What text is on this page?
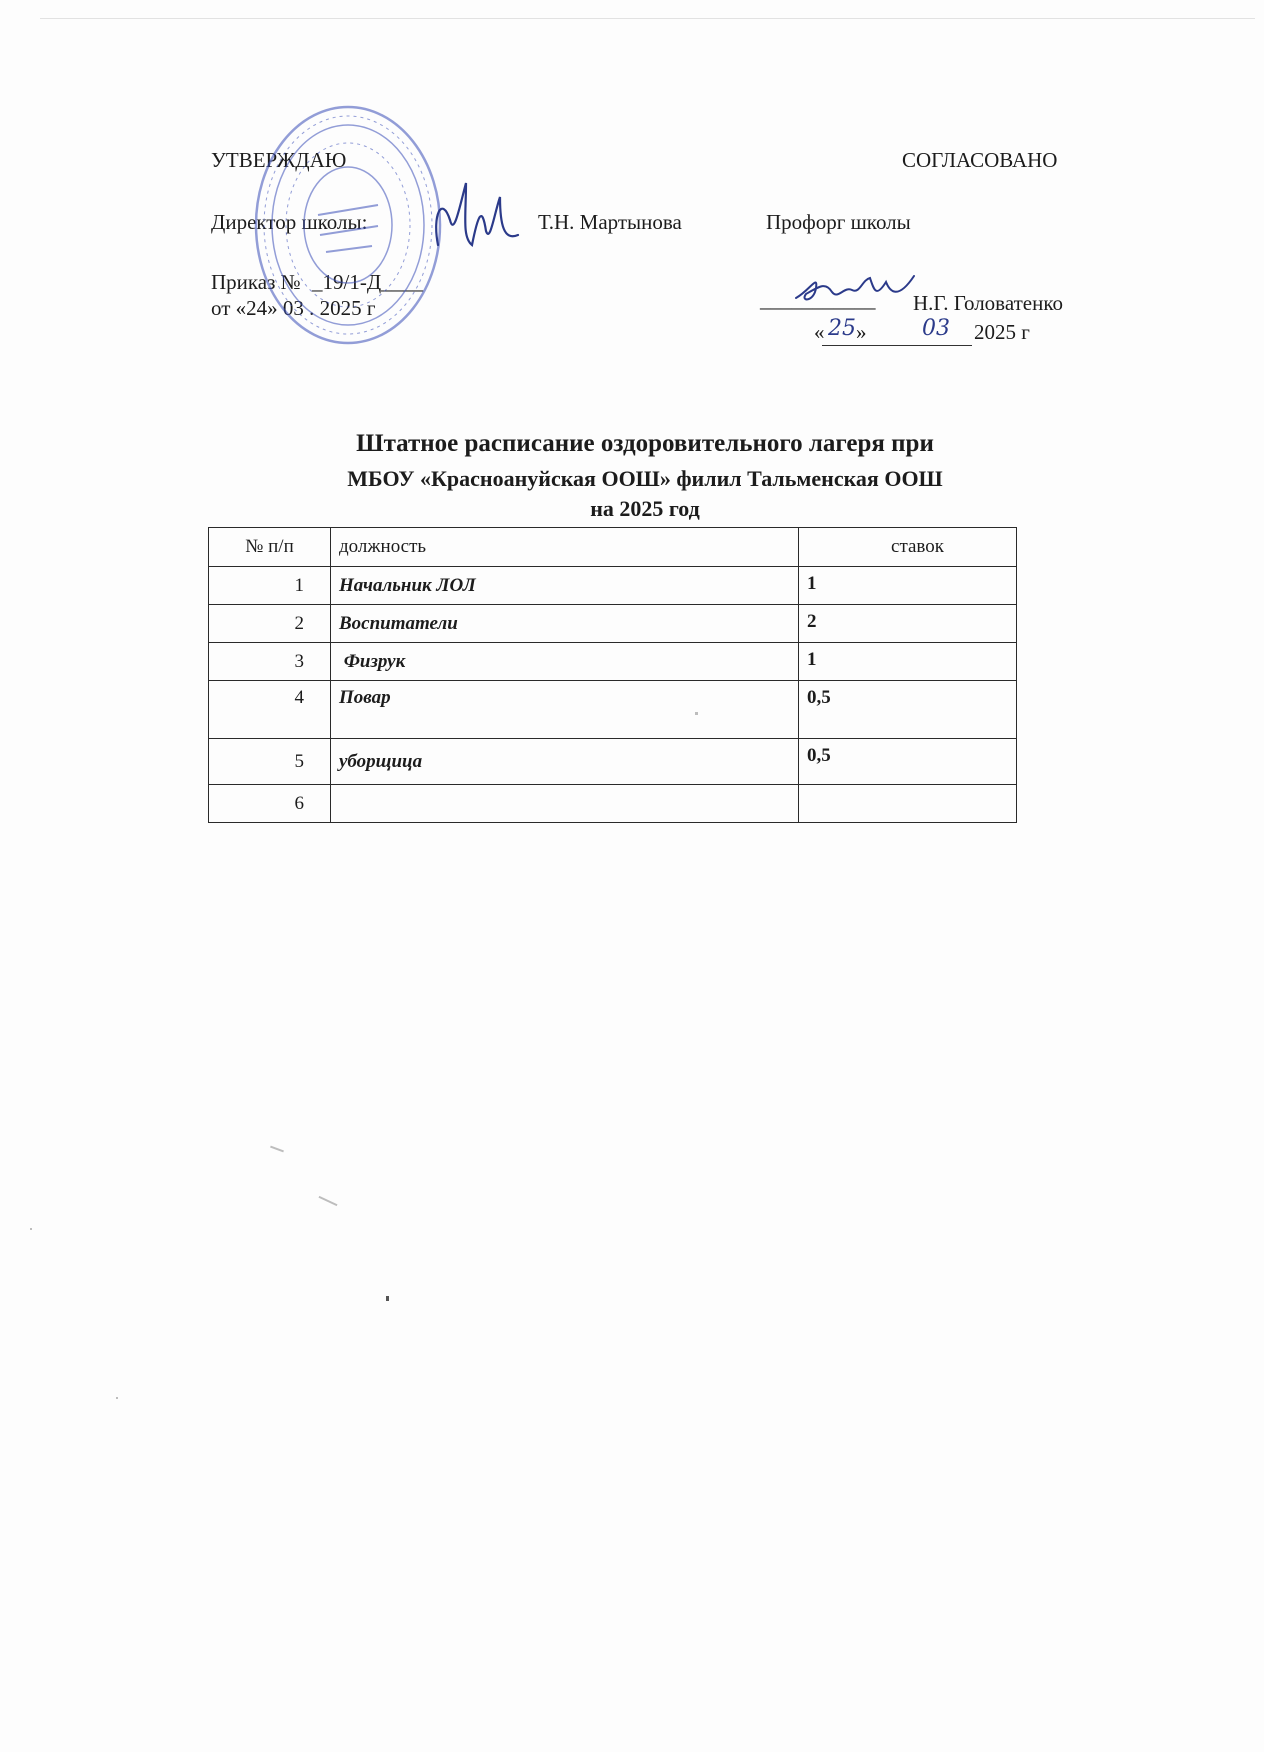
УТВЕРЖДАЮ
Директор школы:	Т.Н. Мартынова
Приказ № _19/1-Д____
от «24» 03 . 2025 г
СОГЛАСОВАНО
Профорг школы
___________ Н.Г. Головатенко
« 25 »	03 2025 г
Штатное расписание оздоровительного лагеря при
МБОУ «Красноануйская ООШ» филил Тальменская ООШ
на 2025 год
№ п/п	должность	ставок
1	Начальник ЛОЛ	1
2	Воспитатели	2
3	Физрук	1
4	Повар	0,5
5	уборщица	0,5
6		
